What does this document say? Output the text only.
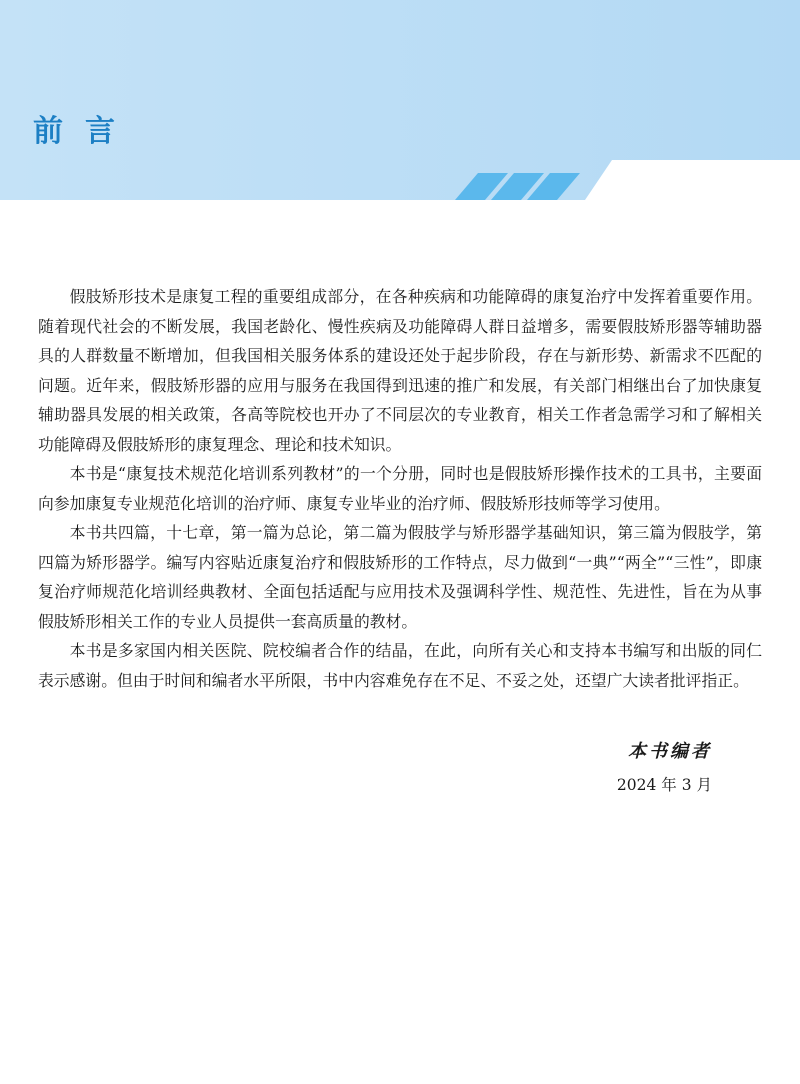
前言

假肢矫形技术是康复工程的重要组成部分，在各种疾病和功能障碍的康复治疗中发挥着重要作用。随着现代社会的不断发展，我国老龄化、慢性疾病及功能障碍人群日益增多，需要假肢矫形器等辅助器具的人群数量不断增加，但我国相关服务体系的建设还处于起步阶段，存在与新形势、新需求不匹配的问题。近年来，假肢矫形器的应用与服务在我国得到迅速的推广和发展，有关部门相继出台了加快康复辅助器具发展的相关政策，各高等院校也开办了不同层次的专业教育，相关工作者急需学习和了解相关功能障碍及假肢矫形的康复理念、理论和技术知识。

本书是“康复技术规范化培训系列教材”的一个分册，同时也是假肢矫形操作技术的工具书，主要面向参加康复专业规范化培训的治疗师、康复专业毕业的治疗师、假肢矫形技师等学习使用。

本书共四篇，十七章，第一篇为总论，第二篇为假肢学与矫形器学基础知识，第三篇为假肢学，第四篇为矫形器学。编写内容贴近康复治疗和假肢矫形的工作特点，尽力做到“一典”“两全”“三性”，即康复治疗师规范化培训经典教材、全面包括适配与应用技术及强调科学性、规范性、先进性，旨在为从事假肢矫形相关工作的专业人员提供一套高质量的教材。

本书是多家国内相关医院、院校编者合作的结晶，在此，向所有关心和支持本书编写和出版的同仁表示感谢。但由于时间和编者水平所限，书中内容难免存在不足、不妥之处，还望广大读者批评指正。

本书编者
2024 年 3 月
